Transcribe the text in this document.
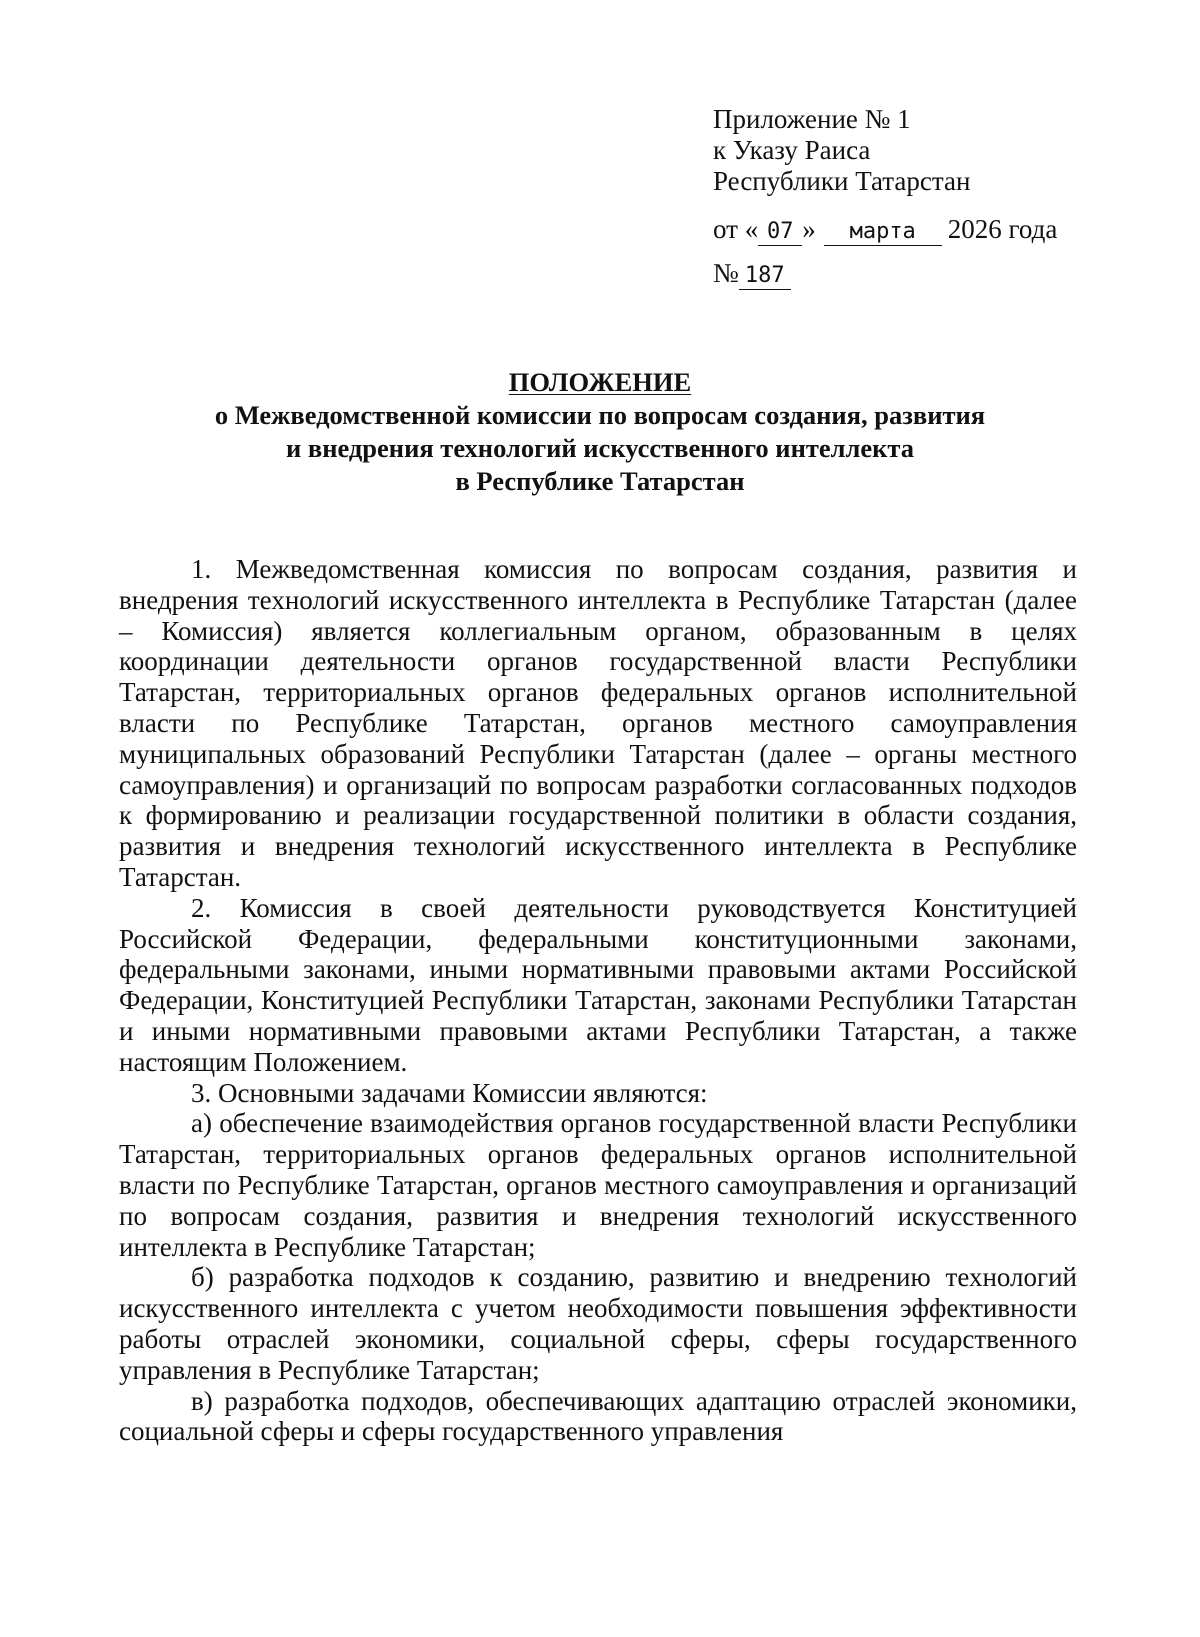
Приложение № 1
к Указу Раиса
Республики Татарстан
от « 07 » марта 2026 года
№ 187
ПОЛОЖЕНИЕ
о Межведомственной комиссии по вопросам создания, развития
и внедрения технологий искусственного интеллекта
в Республике Татарстан

1. Межведомственная комиссия по вопросам создания, развития и внедрения технологий искусственного интеллекта в Республике Татарстан (далее – Комиссия) является коллегиальным органом, образованным в целях координации деятельности органов государственной власти Республики Татарстан, территориальных органов федеральных органов исполнительной власти по Республике Татарстан, органов местного самоуправления муниципальных образований Республики Татарстан (далее – органы местного самоуправления) и организаций по вопросам разработки согласованных подходов к формированию и реализации государственной политики в области создания, развития и внедрения технологий искусственного интеллекта в Республике Татарстан.

2. Комиссия в своей деятельности руководствуется Конституцией Российской Федерации, федеральными конституционными законами, федеральными законами, иными нормативными правовыми актами Российской Федерации, Конституцией Республики Татарстан, законами Республики Татарстан и иными нормативными правовыми актами Республики Татарстан, а также настоящим Положением.

3. Основными задачами Комиссии являются:

а) обеспечение взаимодействия органов государственной власти Республики Татарстан, территориальных органов федеральных органов исполнительной власти по Республике Татарстан, органов местного самоуправления и организаций по вопросам создания, развития и внедрения технологий искусственного интеллекта в Республике Татарстан;

б) разработка подходов к созданию, развитию и внедрению технологий искусственного интеллекта с учетом необходимости повышения эффективности работы отраслей экономики, социальной сферы, сферы государственного управления в Республике Татарстан;

в) разработка подходов, обеспечивающих адаптацию отраслей экономики, социальной сферы и сферы государственного управления
